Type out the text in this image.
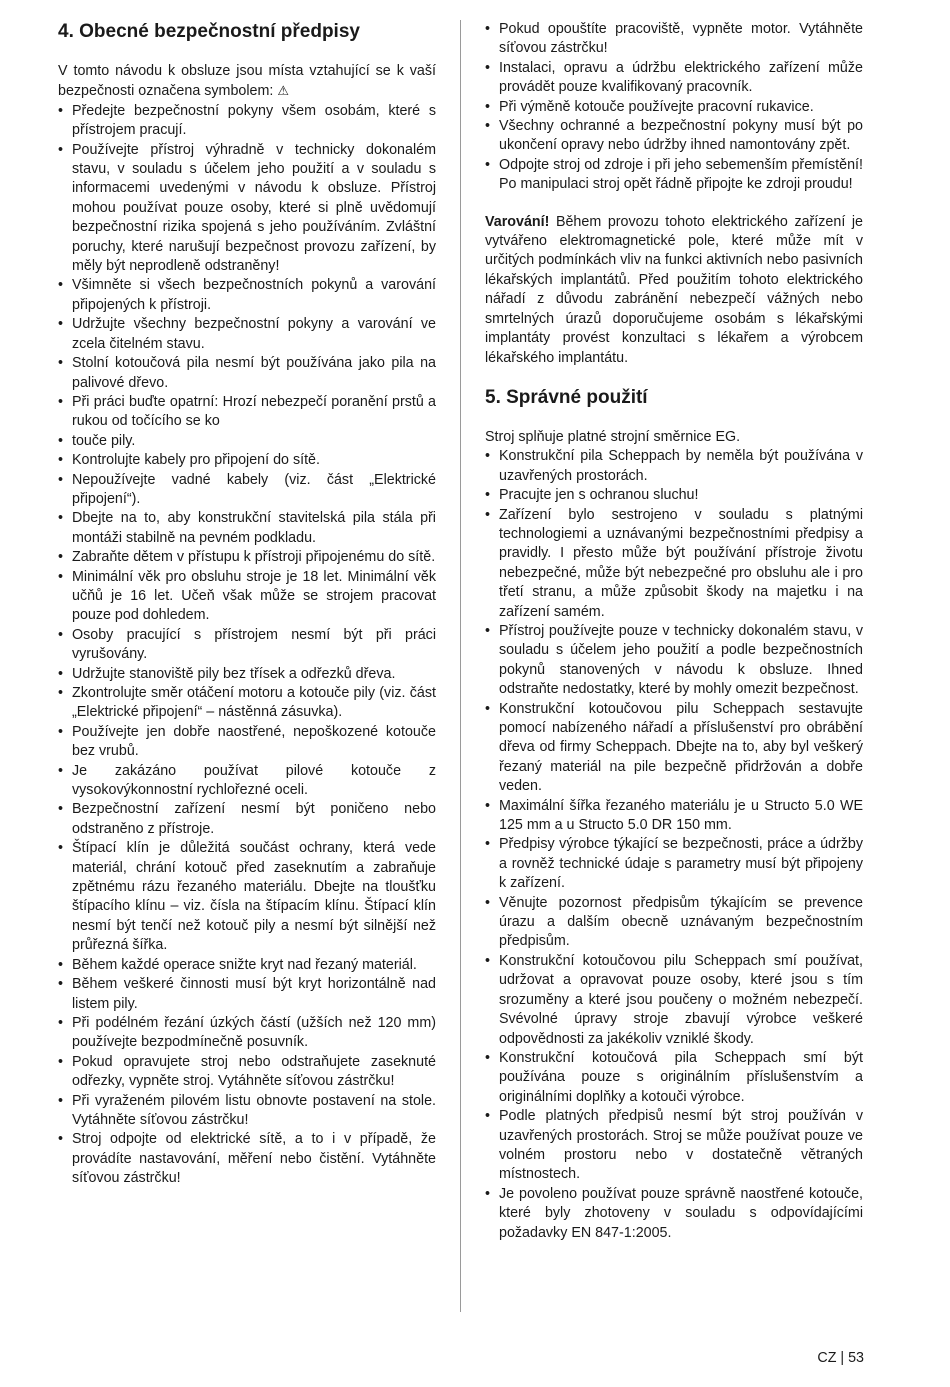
4. Obecné bezpečnostní předpisy

V tomto návodu k obsluze jsou místa vztahující se k vaší bezpečnosti označena symbolem: ⚠

• Předejte bezpečnostní pokyny všem osobám, které s přístrojem pracují.
• Používejte přístroj výhradně v technicky dokonalém stavu, v souladu s účelem jeho použití a v souladu s informacemi uvedenými v návodu k obsluze. Přístroj mohou používat pouze osoby, které si plně uvědomují bezpečnostní rizika spojená s jeho používáním. Zvláštní poruchy, které narušují bezpečnost provozu zařízení, by měly být neprodleně odstraněny!
• Všimněte si všech bezpečnostních pokynů a varování připojených k přístroji.
• Udržujte všechny bezpečnostní pokyny a varování ve zcela čitelném stavu.
• Stolní kotoučová pila nesmí být používána jako pila na palivové dřevo.
• Při práci buďte opatrní: Hrozí nebezpečí poranění prstů a rukou od točícího se ko
• touče pily.
• Kontrolujte kabely pro připojení do sítě.
• Nepoužívejte vadné kabely (viz. část „Elektrické připojení“).
• Dbejte na to, aby konstrukční stavitelská pila stála při montáži stabilně na pevném podkladu.
• Zabraňte dětem v přístupu k přístroji připojenému do sítě.
• Minimální věk pro obsluhu stroje je 18 let. Minimální věk učňů je 16 let. Učeň však může se strojem pracovat pouze pod dohledem.
• Osoby pracující s přístrojem nesmí být při práci vyrušovány.
• Udržujte stanoviště pily bez třísek a odřezků dřeva.
• Zkontrolujte směr otáčení motoru a kotouče pily (viz. část „Elektrické připojení“ – nástěnná zásuvka).
• Používejte jen dobře naostřené, nepoškozené kotouče bez vrubů.
• Je zakázáno používat pilové kotouče z vysokovýkonnostní rychlořezné oceli.
• Bezpečnostní zařízení nesmí být poničeno nebo odstraněno z přístroje.
• Štípací klín je důležitá součást ochrany, která vede materiál, chrání kotouč před zaseknutím a zabraňuje zpětnému rázu řezaného materiálu. Dbejte na tloušťku štípacího klínu – viz. čísla na štípacím klínu. Štípací klín nesmí být tenčí než kotouč pily a nesmí být silnější než průřezná šířka.
• Během každé operace snižte kryt nad řezaný materiál.
• Během veškeré činnosti musí být kryt horizontálně nad listem pily.
• Při podélném řezání úzkých částí (užších než 120 mm) používejte bezpodmínečně posuvník.
• Pokud opravujete stroj nebo odstraňujete zaseknuté odřezky, vypněte stroj. Vytáhněte síťovou zástrčku!
• Při vyraženém pilovém listu obnovte postavení na stole. Vytáhněte síťovou zástrčku!
• Stroj odpojte od elektrické sítě, a to i v případě, že provádíte nastavování, měření nebo čistění. Vytáhněte síťovou zástrčku!
• Pokud opouštíte pracoviště, vypněte motor. Vytáhněte síťovou zástrčku!
• Instalaci, opravu a údržbu elektrického zařízení může provádět pouze kvalifikovaný pracovník.
• Při výměně kotouče používejte pracovní rukavice.
• Všechny ochranné a bezpečnostní pokyny musí být po ukončení opravy nebo údržby ihned namontovány zpět.
• Odpojte stroj od zdroje i při jeho sebemenším přemístění! Po manipulaci stroj opět řádně připojte ke zdroji proudu!

Varování! Během provozu tohoto elektrického zařízení je vytvářeno elektromagnetické pole, které může mít v určitých podmínkách vliv na funkci aktivních nebo pasivních lékařských implantátů. Před použitím tohoto elektrického nářadí z důvodu zabránění nebezpečí vážných nebo smrtelných úrazů doporučujeme osobám s lékařskými implantáty provést konzultaci s lékařem a výrobcem lékařského implantátu.

5. Správné použití

Stroj splňuje platné strojní směrnice EG.

• Konstrukční pila Scheppach by neměla být používána v uzavřených prostorách.
• Pracujte jen s ochranou sluchu!
• Zařízení bylo sestrojeno v souladu s platnými technologiemi a uznávanými bezpečnostními předpisy a pravidly. I přesto může být používání přístroje životu nebezpečné, může být nebezpečné pro obsluhu ale i pro třetí stranu, a může způsobit škody na majetku i na zařízení samém.
• Přístroj používejte pouze v technicky dokonalém stavu, v souladu s účelem jeho použití a podle bezpečnostních pokynů stanovených v návodu k obsluze. Ihned odstraňte nedostatky, které by mohly omezit bezpečnost.
• Konstrukční kotoučovou pilu Scheppach sestavujte pomocí nabízeného nářadí a příslušenství pro obrábění dřeva od firmy Scheppach. Dbejte na to, aby byl veškerý řezaný materiál na pile bezpečně přidržován a dobře veden.
• Maximální šířka řezaného materiálu je u Structo 5.0 WE 125 mm a u Structo 5.0 DR 150 mm.
• Předpisy výrobce týkající se bezpečnosti, práce a údržby a rovněž technické údaje s parametry musí být připojeny k zařízení.
• Věnujte pozornost předpisům týkajícím se prevence úrazu a dalším obecně uznávaným bezpečnostním předpisům.
• Konstrukční kotoučovou pilu Scheppach smí používat, udržovat a opravovat pouze osoby, které jsou s tím srozuměny a které jsou poučeny o možném nebezpečí. Svévolné úpravy stroje zbavují výrobce veškeré odpovědnosti za jakékoliv vzniklé škody.
• Konstrukční kotoučová pila Scheppach smí být používána pouze s originálním příslušenstvím a originálními doplňky a kotouči výrobce.
• Podle platných předpisů nesmí být stroj používán v uzavřených prostorách. Stroj se může používat pouze ve volném prostoru nebo v dostatečně větraných místnostech.
• Je povoleno používat pouze správně naostřené kotouče, které byly zhotoveny v souladu s odpovídajícími požadavky EN 847-1:2005.
CZ | 53
